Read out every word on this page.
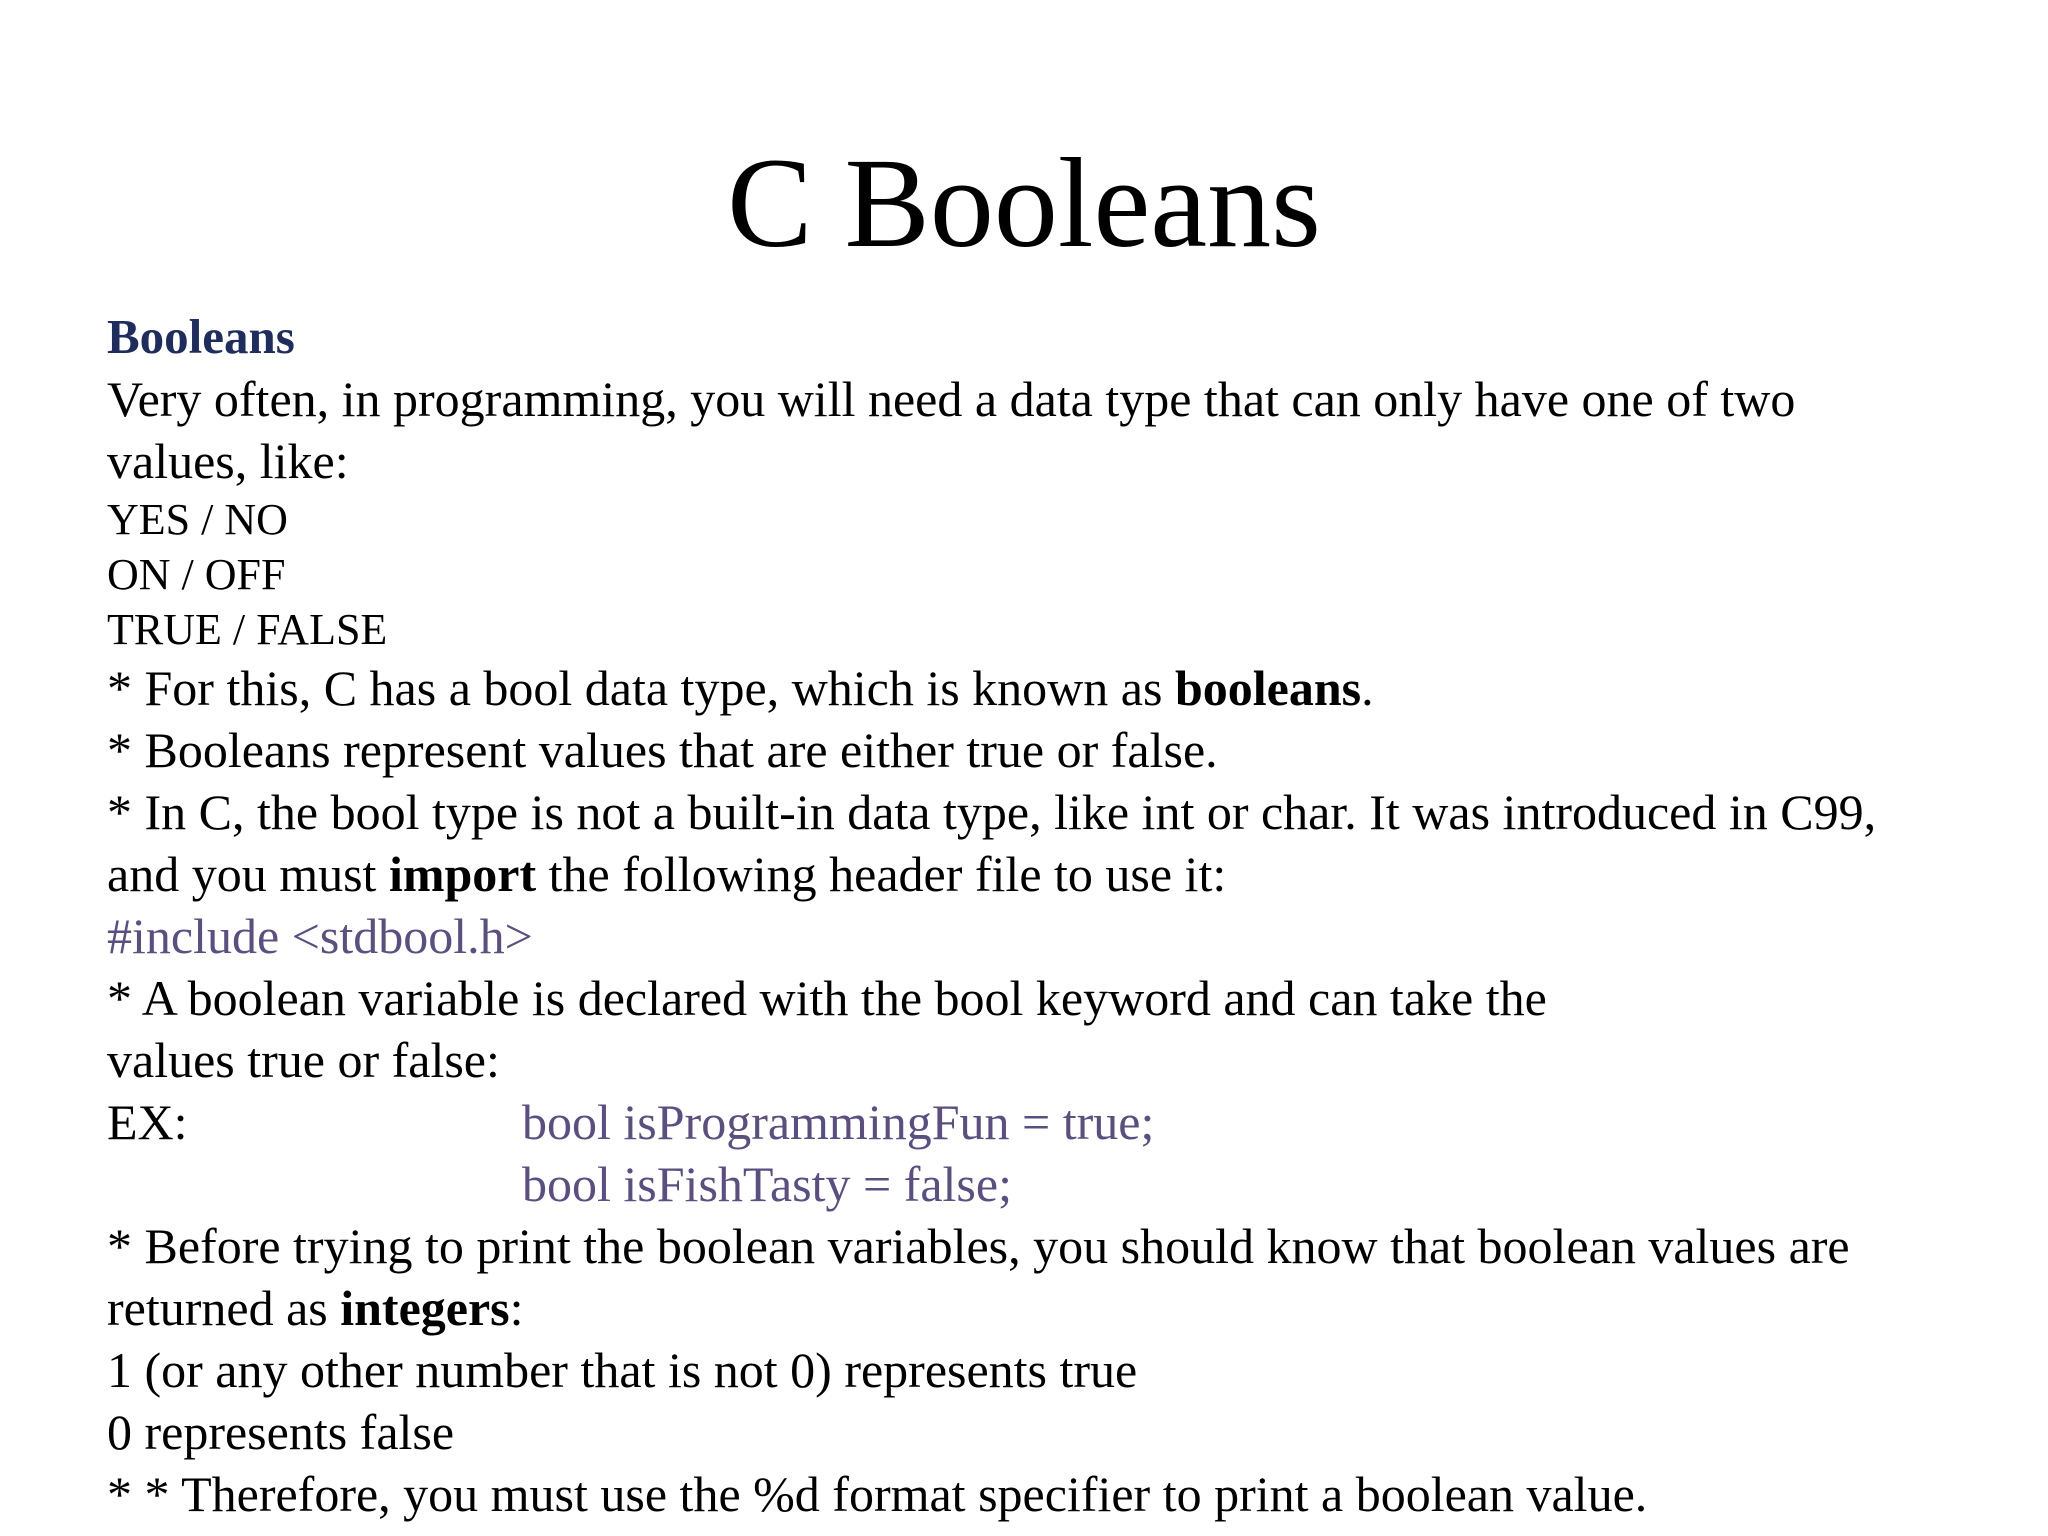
C Booleans

Booleans

Very often, in programming, you will need a data type that can only have one of two

values, like:

YES / NO

ON / OFF

TRUE / FALSE

* For this, C has a bool data type, which is known as booleans.

* Booleans represent values that are either true or false.

* In C, the bool type is not a built-in data type, like int or char. It was introduced in C99,

and you must import the following header file to use it:

#include <stdbool.h>

* A boolean variable is declared with the bool keyword and can take the

values true or false:

EX:	bool isProgrammingFun = true;

bool isFishTasty = false;

* Before trying to print the boolean variables, you should know that boolean values are

returned as integers:

1 (or any other number that is not 0) represents true

0 represents false

* * Therefore, you must use the %d format specifier to print a boolean value.
